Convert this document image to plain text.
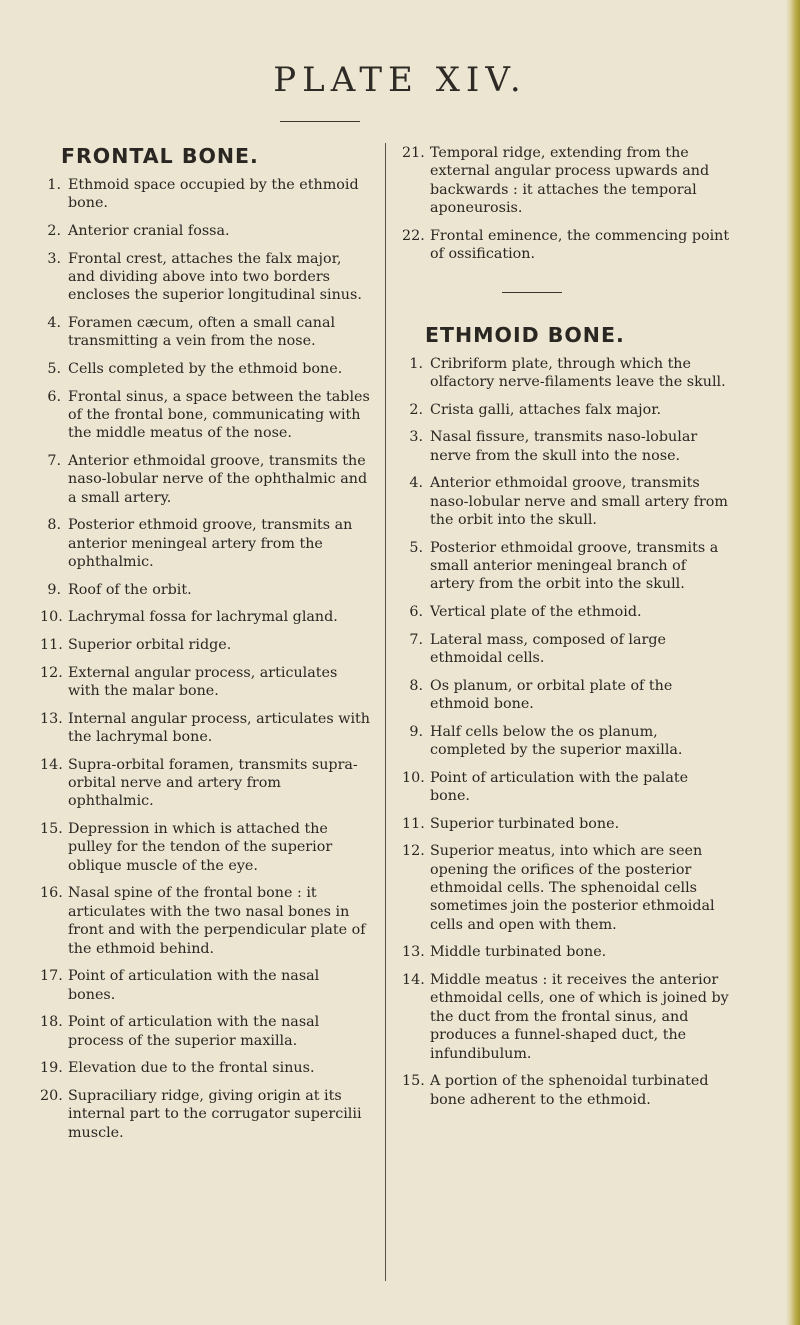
PLATE XIV.
FRONTAL BONE.
1. Ethmoid space occupied by the ethmoid bone.
2. Anterior cranial fossa.
3. Frontal crest, attaches the falx major, and dividing above into two borders encloses the superior longitudinal sinus.
4. Foramen cæcum, often a small canal transmitting a vein from the nose.
5. Cells completed by the ethmoid bone.
6. Frontal sinus, a space between the tables of the frontal bone, communicating with the middle meatus of the nose.
7. Anterior ethmoidal groove, transmits the naso-lobular nerve of the ophthalmic and a small artery.
8. Posterior ethmoid groove, transmits an anterior meningeal artery from the ophthalmic.
9. Roof of the orbit.
10. Lachrymal fossa for lachrymal gland.
11. Superior orbital ridge.
12. External angular process, articulates with the malar bone.
13. Internal angular process, articulates with the lachrymal bone.
14. Supra-orbital foramen, transmits supra-orbital nerve and artery from ophthalmic.
15. Depression in which is attached the pulley for the tendon of the superior oblique muscle of the eye.
16. Nasal spine of the frontal bone : it articulates with the two nasal bones in front and with the perpendicular plate of the ethmoid behind.
17. Point of articulation with the nasal bones.
18. Point of articulation with the nasal process of the superior maxilla.
19. Elevation due to the frontal sinus.
20. Supraciliary ridge, giving origin at its internal part to the corrugator supercilii muscle.
21. Temporal ridge, extending from the external angular process upwards and backwards : it attaches the temporal aponeurosis.
22. Frontal eminence, the commencing point of ossification.
ETHMOID BONE.
1. Cribriform plate, through which the olfactory nerve-filaments leave the skull.
2. Crista galli, attaches falx major.
3. Nasal fissure, transmits naso-lobular nerve from the skull into the nose.
4. Anterior ethmoidal groove, transmits naso-lobular nerve and small artery from the orbit into the skull.
5. Posterior ethmoidal groove, transmits a small anterior meningeal branch of artery from the orbit into the skull.
6. Vertical plate of the ethmoid.
7. Lateral mass, composed of large ethmoidal cells.
8. Os planum, or orbital plate of the ethmoid bone.
9. Half cells below the os planum, completed by the superior maxilla.
10. Point of articulation with the palate bone.
11. Superior turbinated bone.
12. Superior meatus, into which are seen opening the orifices of the posterior ethmoidal cells. The sphenoidal cells sometimes join the posterior ethmoidal cells and open with them.
13. Middle turbinated bone.
14. Middle meatus : it receives the anterior ethmoidal cells, one of which is joined by the duct from the frontal sinus, and produces a funnel-shaped duct, the infundibulum.
15. A portion of the sphenoidal turbinated bone adherent to the ethmoid.
